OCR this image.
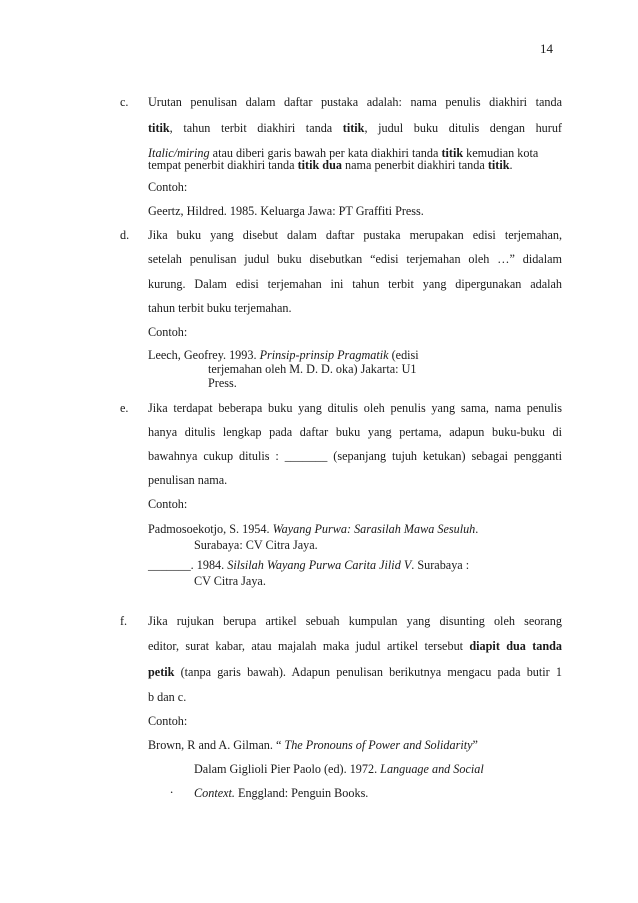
14
c. Urutan penulisan dalam daftar pustaka adalah: nama penulis diakhiri tanda
titik, tahun terbit diakhiri tanda titik, judul buku ditulis dengan huruf
Italic/miring atau diberi garis bawah per kata diakhiri tanda titik kemudian kota
tempat penerbit diakhiri tanda titik dua nama penerbit diakhiri tanda titik.
Contoh:
Geertz, Hildred. 1985. Keluarga Jawa: PT Graffiti Press.
d. Jika buku yang disebut dalam daftar pustaka merupakan edisi terjemahan,
setelah penulisan judul buku disebutkan “edisi terjemahan oleh …” didalam
kurung. Dalam edisi terjemahan ini tahun terbit yang dipergunakan adalah
tahun terbit buku terjemahan.
Contoh:
Leech, Geofrey. 1993. Prinsip-prinsip Pragmatik (edisi
terjemahan oleh M. D. D. oka) Jakarta: U1
Press.
e. Jika terdapat beberapa buku yang ditulis oleh penulis yang sama, nama penulis
hanya ditulis lengkap pada daftar buku yang pertama, adapun buku-buku di
bawahnya cukup ditulis : _______ (sepanjang tujuh ketukan) sebagai pengganti
penulisan nama.
Contoh:
Padmosoekotjo, S. 1954. Wayang Purwa: Sarasilah Mawa Sesuluh.
Surabaya: CV Citra Jaya.
_______. 1984. Silsilah Wayang Purwa Carita Jilid V. Surabaya :
CV Citra Jaya.
f. Jika rujukan berupa artikel sebuah kumpulan yang disunting oleh seorang
editor, surat kabar, atau majalah maka judul artikel tersebut diapit dua tanda
petik (tanpa garis bawah). Adapun penulisan berikutnya mengacu pada butir 1
b dan c.
Contoh:
Brown, R and A. Gilman. “ The Pronouns of Power and Solidarity”
Dalam Giglioli Pier Paolo (ed). 1972. Language and Social
Context. Enggland: Penguin Books.
.
